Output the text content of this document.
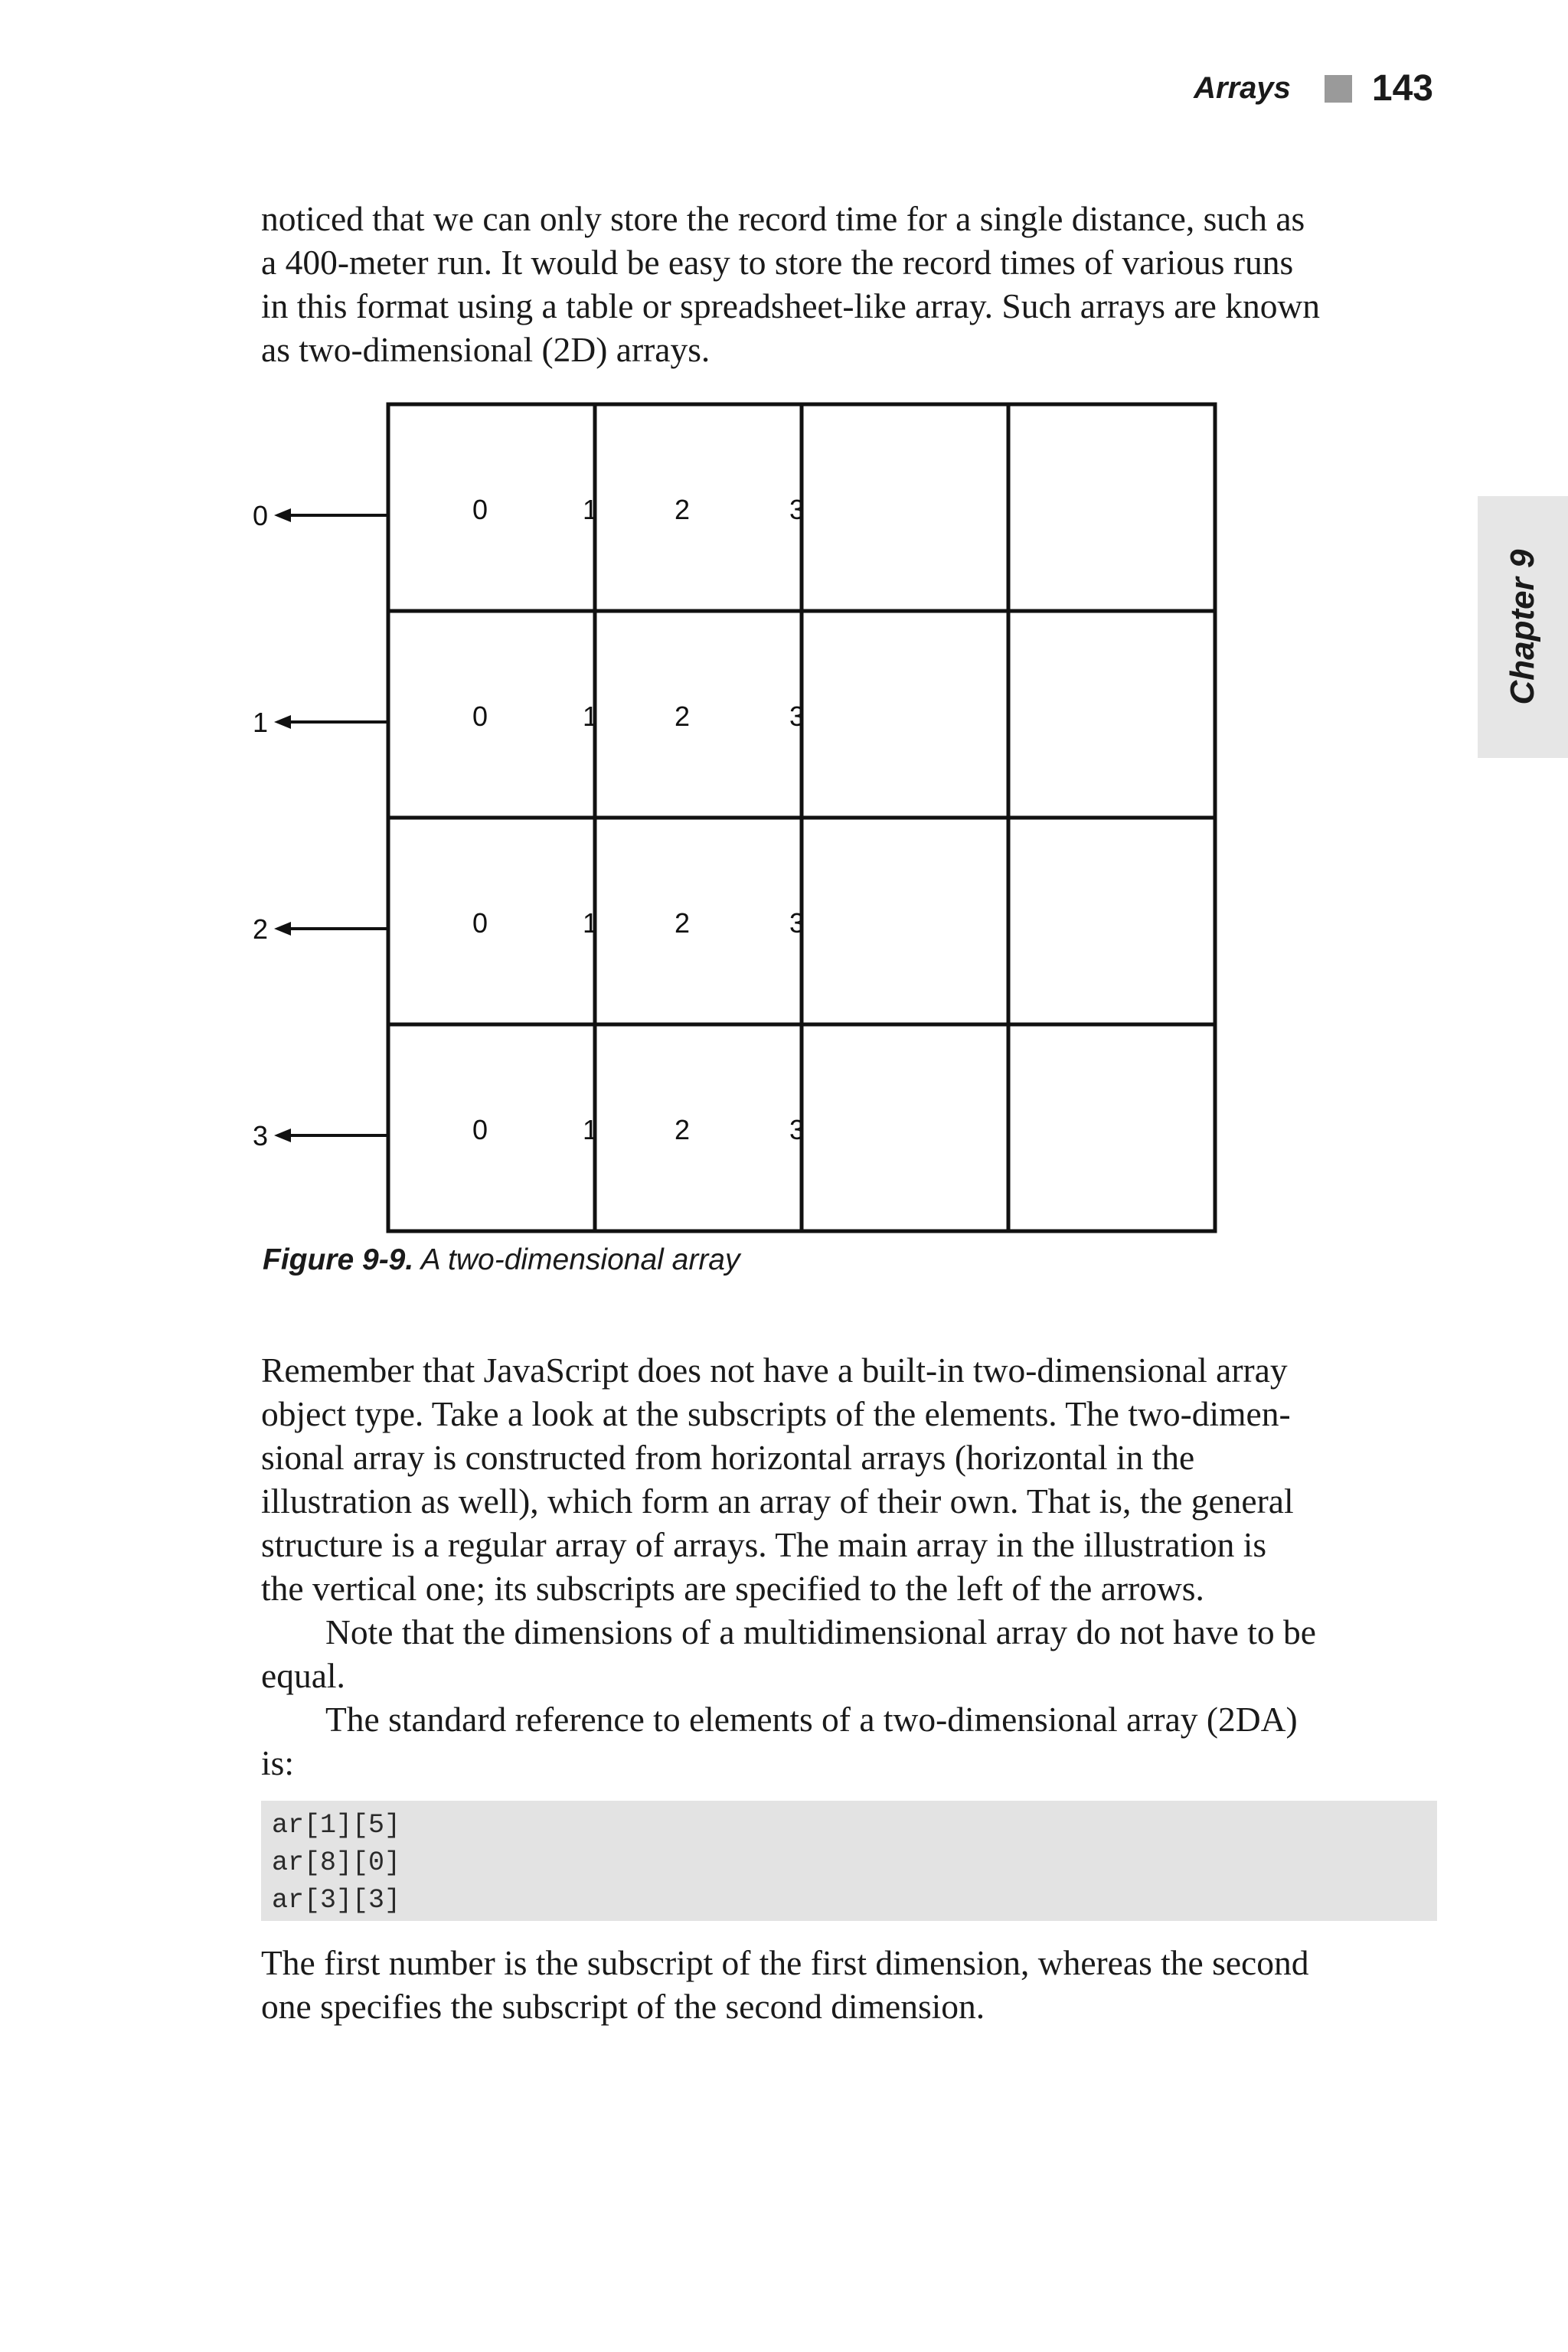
Arrays 143
Chapter 9

noticed that we can only store the record time for a single distance, such as
a 400-meter run. It would be easy to store the record times of various runs
in this format using a table or spreadsheet-like array. Such arrays are known
as two-dimensional (2D) arrays.

0	1	2	3
0
0	1	2	3
1
0	1	2	3
2
0	1	2	3
3
Figure 9-9. A two-dimensional array

Remember that JavaScript does not have a built-in two-dimensional array
object type. Take a look at the subscripts of the elements. The two-dimen-
sional array is constructed from horizontal arrays (horizontal in the
illustration as well), which form an array of their own. That is, the general
structure is a regular array of arrays. The main array in the illustration is
the vertical one; its subscripts are specified to the left of the arrows.
Note that the dimensions of a multidimensional array do not have to be
equal.
The standard reference to elements of a two-dimensional array (2DA)
is:

ar[1][5]
ar[8][0]
ar[3][3]

The first number is the subscript of the first dimension, whereas the second
one specifies the subscript of the second dimension.
